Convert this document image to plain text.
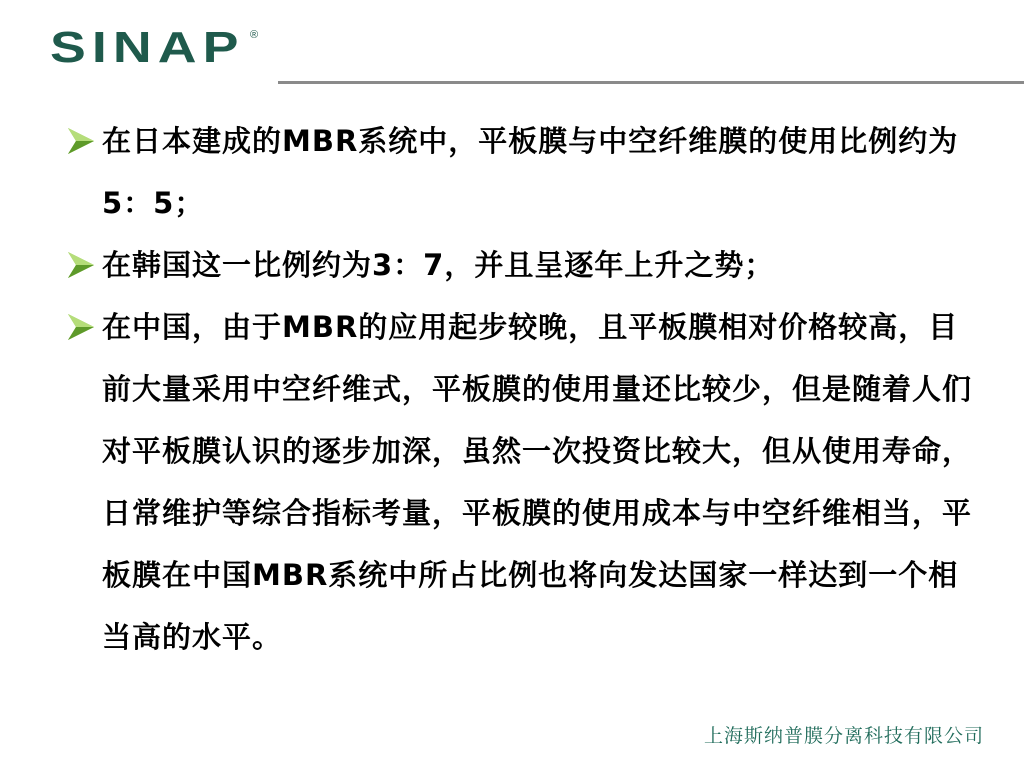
SINAP ®
在日本建成的MBR系统中，平板膜与中空纤维膜的使用比例约为5：5；
在韩国这一比例约为3：7，并且呈逐年上升之势；
在中国，由于MBR的应用起步较晚，且平板膜相对价格较高，目前大量采用中空纤维式，平板膜的使用量还比较少，但是随着人们对平板膜认识的逐步加深，虽然一次投资比较大，但从使用寿命，日常维护等综合指标考量，平板膜的使用成本与中空纤维相当，平板膜在中国MBR系统中所占比例也将向发达国家一样达到一个相当高的水平。
上海斯纳普膜分离科技有限公司
